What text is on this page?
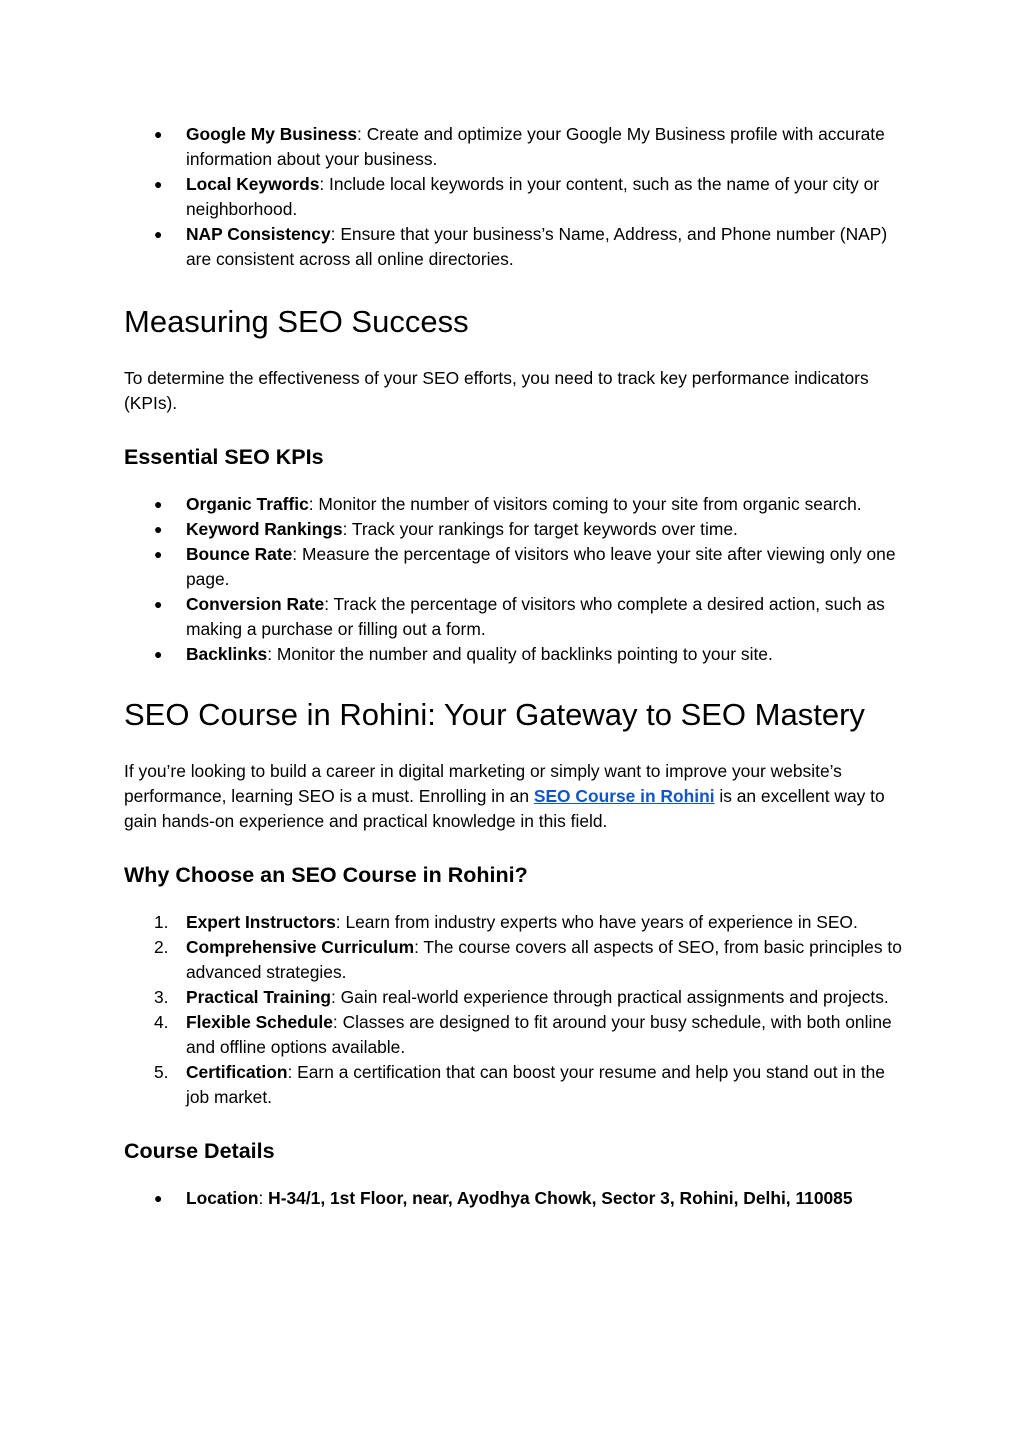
● Google My Business: Create and optimize your Google My Business profile with accurate information about your business.
● Local Keywords: Include local keywords in your content, such as the name of your city or neighborhood.
● NAP Consistency: Ensure that your business’s Name, Address, and Phone number (NAP) are consistent across all online directories.
Measuring SEO Success

To determine the effectiveness of your SEO efforts, you need to track key performance indicators (KPIs).

Essential SEO KPIs
● Organic Traffic: Monitor the number of visitors coming to your site from organic search.
● Keyword Rankings: Track your rankings for target keywords over time.
● Bounce Rate: Measure the percentage of visitors who leave your site after viewing only one page.
● Conversion Rate: Track the percentage of visitors who complete a desired action, such as making a purchase or filling out a form.
● Backlinks: Monitor the number and quality of backlinks pointing to your site.
SEO Course in Rohini: Your Gateway to SEO Mastery

If you’re looking to build a career in digital marketing or simply want to improve your website’s performance, learning SEO is a must. Enrolling in an SEO Course in Rohini is an excellent way to gain hands-on experience and practical knowledge in this field.

Why Choose an SEO Course in Rohini?
1. Expert Instructors: Learn from industry experts who have years of experience in SEO.
2. Comprehensive Curriculum: The course covers all aspects of SEO, from basic principles to advanced strategies.
3. Practical Training: Gain real-world experience through practical assignments and projects.
4. Flexible Schedule: Classes are designed to fit around your busy schedule, with both online and offline options available.
5. Certification: Earn a certification that can boost your resume and help you stand out in the job market.
Course Details
● Location: H-34/1, 1st Floor, near, Ayodhya Chowk, Sector 3, Rohini, Delhi, 110085
